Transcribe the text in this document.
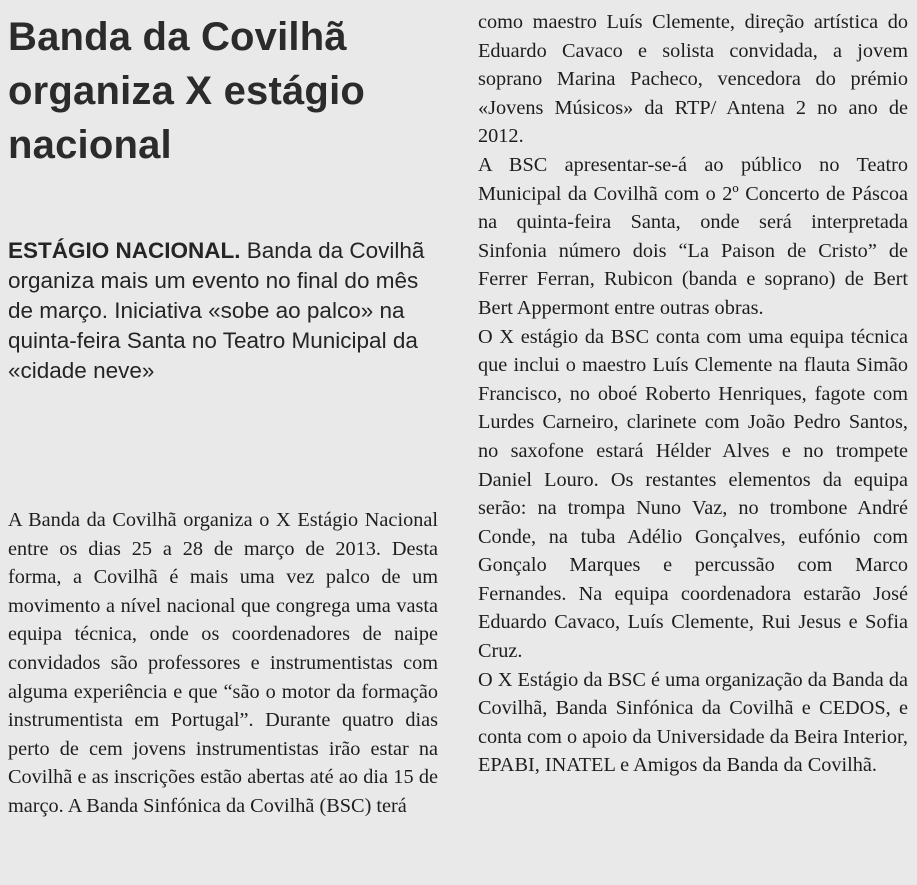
Banda da Covilhã organiza X estágio nacional

ESTÁGIO NACIONAL. Banda da Covilhã organiza mais um evento no final do mês de março. Iniciativa «sobe ao palco» na quinta-feira Santa no Teatro Municipal da «cidade neve»

A Banda da Covilhã organiza o X Estágio Nacional entre os dias 25 a 28 de março de 2013. Desta forma, a Covilhã é mais uma vez palco de um movimento a nível nacional que congrega uma vasta equipa técnica, onde os coordenadores de naipe convidados são professores e instrumentistas com alguma experiência e que “são o motor da formação instrumentista em Portugal”. Durante quatro dias perto de cem jovens instrumentistas irão estar na Covilhã e as inscrições estão abertas até ao dia 15 de março. A Banda Sinfónica da Covilhã (BSC) terá

como maestro Luís Clemente, direção artística do Eduardo Cavaco e solista convidada, a jovem soprano Marina Pacheco, vencedora do prémio «Jovens Músicos» da RTP/ Antena 2 no ano de 2012.

A BSC apresentar-se-á ao público no Teatro Municipal da Covilhã com o 2º Concerto de Páscoa na quinta-feira Santa, onde será interpretada Sinfonia número dois “La Paison de Cristo” de Ferrer Ferran, Rubicon (banda e soprano) de Bert Bert Appermont entre outras obras.

O X estágio da BSC conta com uma equipa técnica que inclui o maestro Luís Clemente na flauta Simão Francisco, no oboé Roberto Henriques, fagote com Lurdes Carneiro, clarinete com João Pedro Santos, no saxofone estará Hélder Alves e no trompete Daniel Louro. Os restantes elementos da equipa serão: na trompa Nuno Vaz, no trombone André Conde, na tuba Adélio Gonçalves, eufónio com Gonçalo Marques e percussão com Marco Fernandes. Na equipa coordenadora estarão José Eduardo Cavaco, Luís Clemente, Rui Jesus e Sofia Cruz.

O X Estágio da BSC é uma organização da Banda da Covilhã, Banda Sinfónica da Covilhã e CEDOS, e conta com o apoio da Universidade da Beira Interior, EPABI, INATEL e Amigos da Banda da Covilhã.
